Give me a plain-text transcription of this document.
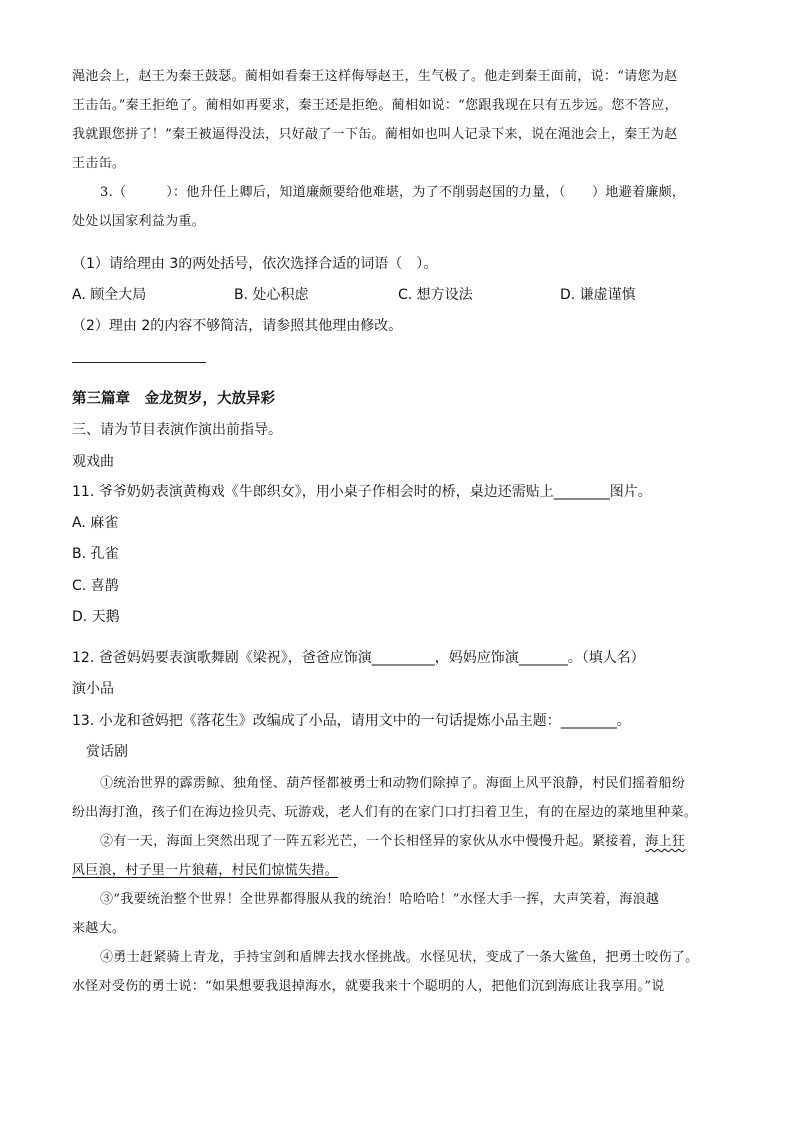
渑池会上，赵王为秦王鼓瑟。蔺相如看秦王这样侮辱赵王，生气极了。他走到秦王面前，说：“请您为赵
王击缶。”秦王拒绝了。蔺相如再要求，秦王还是拒绝。蔺相如说：“您跟我现在只有五步远。您不答应，
我就跟您拼了！”秦王被逼得没法，只好敲了一下缶。蔺相如也叫人记录下来，说在渑池会上，秦王为赵
王击缶。
3.（　　　）：他升任上卿后，知道廉颇要给他难堪，为了不削弱赵国的力量，（　　）地避着廉颇，
处处以国家利益为重。
（1）请给理由 3的两处括号，依次选择合适的词语（　）。
A. 顾全大局	B. 处心积虑	C. 想方设法	D. 谦虚谨慎
（2）理由 2的内容不够简洁，请参照其他理由修改。
第三篇章　金龙贺岁，大放异彩
三、请为节目表演作演出前指导。
观戏曲
11. 爷爷奶奶表演黄梅戏《牛郎织女》，用小桌子作相会时的桥，桌边还需贴上________图片。
A. 麻雀
B. 孔雀
C. 喜鹊
D. 天鹅
12. 爸爸妈妈要表演歌舞剧《梁祝》，爸爸应饰演_________，妈妈应饰演_______。（填人名）
演小品
13. 小龙和爸妈把《落花生》改编成了小品，请用文中的一句话提炼小品主题：________。
赏话剧
①统治世界的霹雳鲸、独角怪、葫芦怪都被勇士和动物们除掉了。海面上风平浪静，村民们摇着船纷
纷出海打渔，孩子们在海边捡贝壳、玩游戏，老人们有的在家门口打扫着卫生，有的在屋边的菜地里种菜。
②有一天，海面上突然出现了一阵五彩光芒，一个长相怪异的家伙从水中慢慢升起。紧接着，海上狂
风巨浪，村子里一片狼藉，村民们惊慌失措。
③“我要统治整个世界！全世界都得服从我的统治！哈哈哈！”水怪大手一挥，大声笑着，海浪越
来越大。
④勇士赶紧骑上青龙，手持宝剑和盾牌去找水怪挑战。水怪见状，变成了一条大鲨鱼，把勇士咬伤了。
水怪对受伤的勇士说：“如果想要我退掉海水，就要我来十个聪明的人，把他们沉到海底让我享用。”说
